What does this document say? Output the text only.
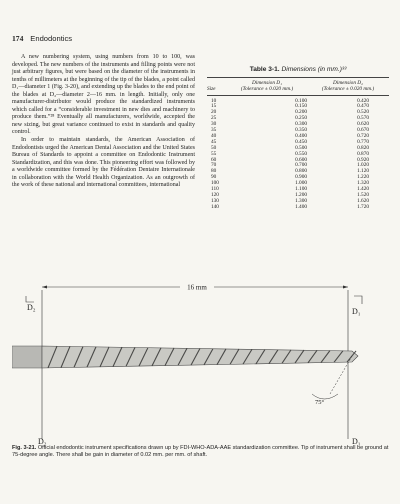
174 Endodontics

A new numbering system, using numbers from 10 to 100, was developed. The new numbers of the instruments and filling points were not just arbitrary figures, but were based on the diameter of the instruments in tenths of millimeters at the beginning of the tip of the blades, a point called D₁—diameter 1 (Fig. 3-20), and extending up the blades to the end point of the blades at D₂—diameter 2—16 mm. in length. Initially, only one manufacturer-distributor would produce the standardized instruments which called for a “considerable investment in new dies and machinery to produce them.”²⁸ Eventually all manufacturers, worldwide, accepted the new sizing, but great variance continued to exist in standards and quality control.

In order to maintain standards, the American Association of Endodontists urged the American Dental Association and the United States Bureau of Standards to appoint a committee on Endodontic Instrument Standardization, and this was done. This pioneering effort was followed by a worldwide committee formed by the Fédération Dentaire Internationale in collaboration with the World Health Organization. As an outgrowth of the work of these national and international committees, international

Table 3-1. Dimensions (in mm.)³³
Size
Dimension D₁
(Tolerance ± 0.020 mm.)
Dimension D₂
(Tolerance ± 0.020 mm.)
10	0.100	0.420
15	0.150	0.470
20	0.200	0.520
25	0.250	0.570
30	0.300	0.620
35	0.350	0.670
40	0.400	0.720
45	0.450	0.770
50	0.500	0.820
55	0.550	0.870
60	0.600	0.920
70	0.700	1.020
80	0.800	1.120
90	0.900	1.220
100	1.000	1.320
110	1.100	1.420
120	1.200	1.520
130	1.300	1.620
140	1.400	1.720
16 mm
D₂	D₁
75°
D₂	D₁
Fig. 3-21. Official endodontic instrument specifications drawn up by FDI-WHO-ADA-AAE standardization committee. Tip of instrument shall be ground at 75-degree angle. There shall be gain in diameter of 0.02 mm. per mm. of shaft.
